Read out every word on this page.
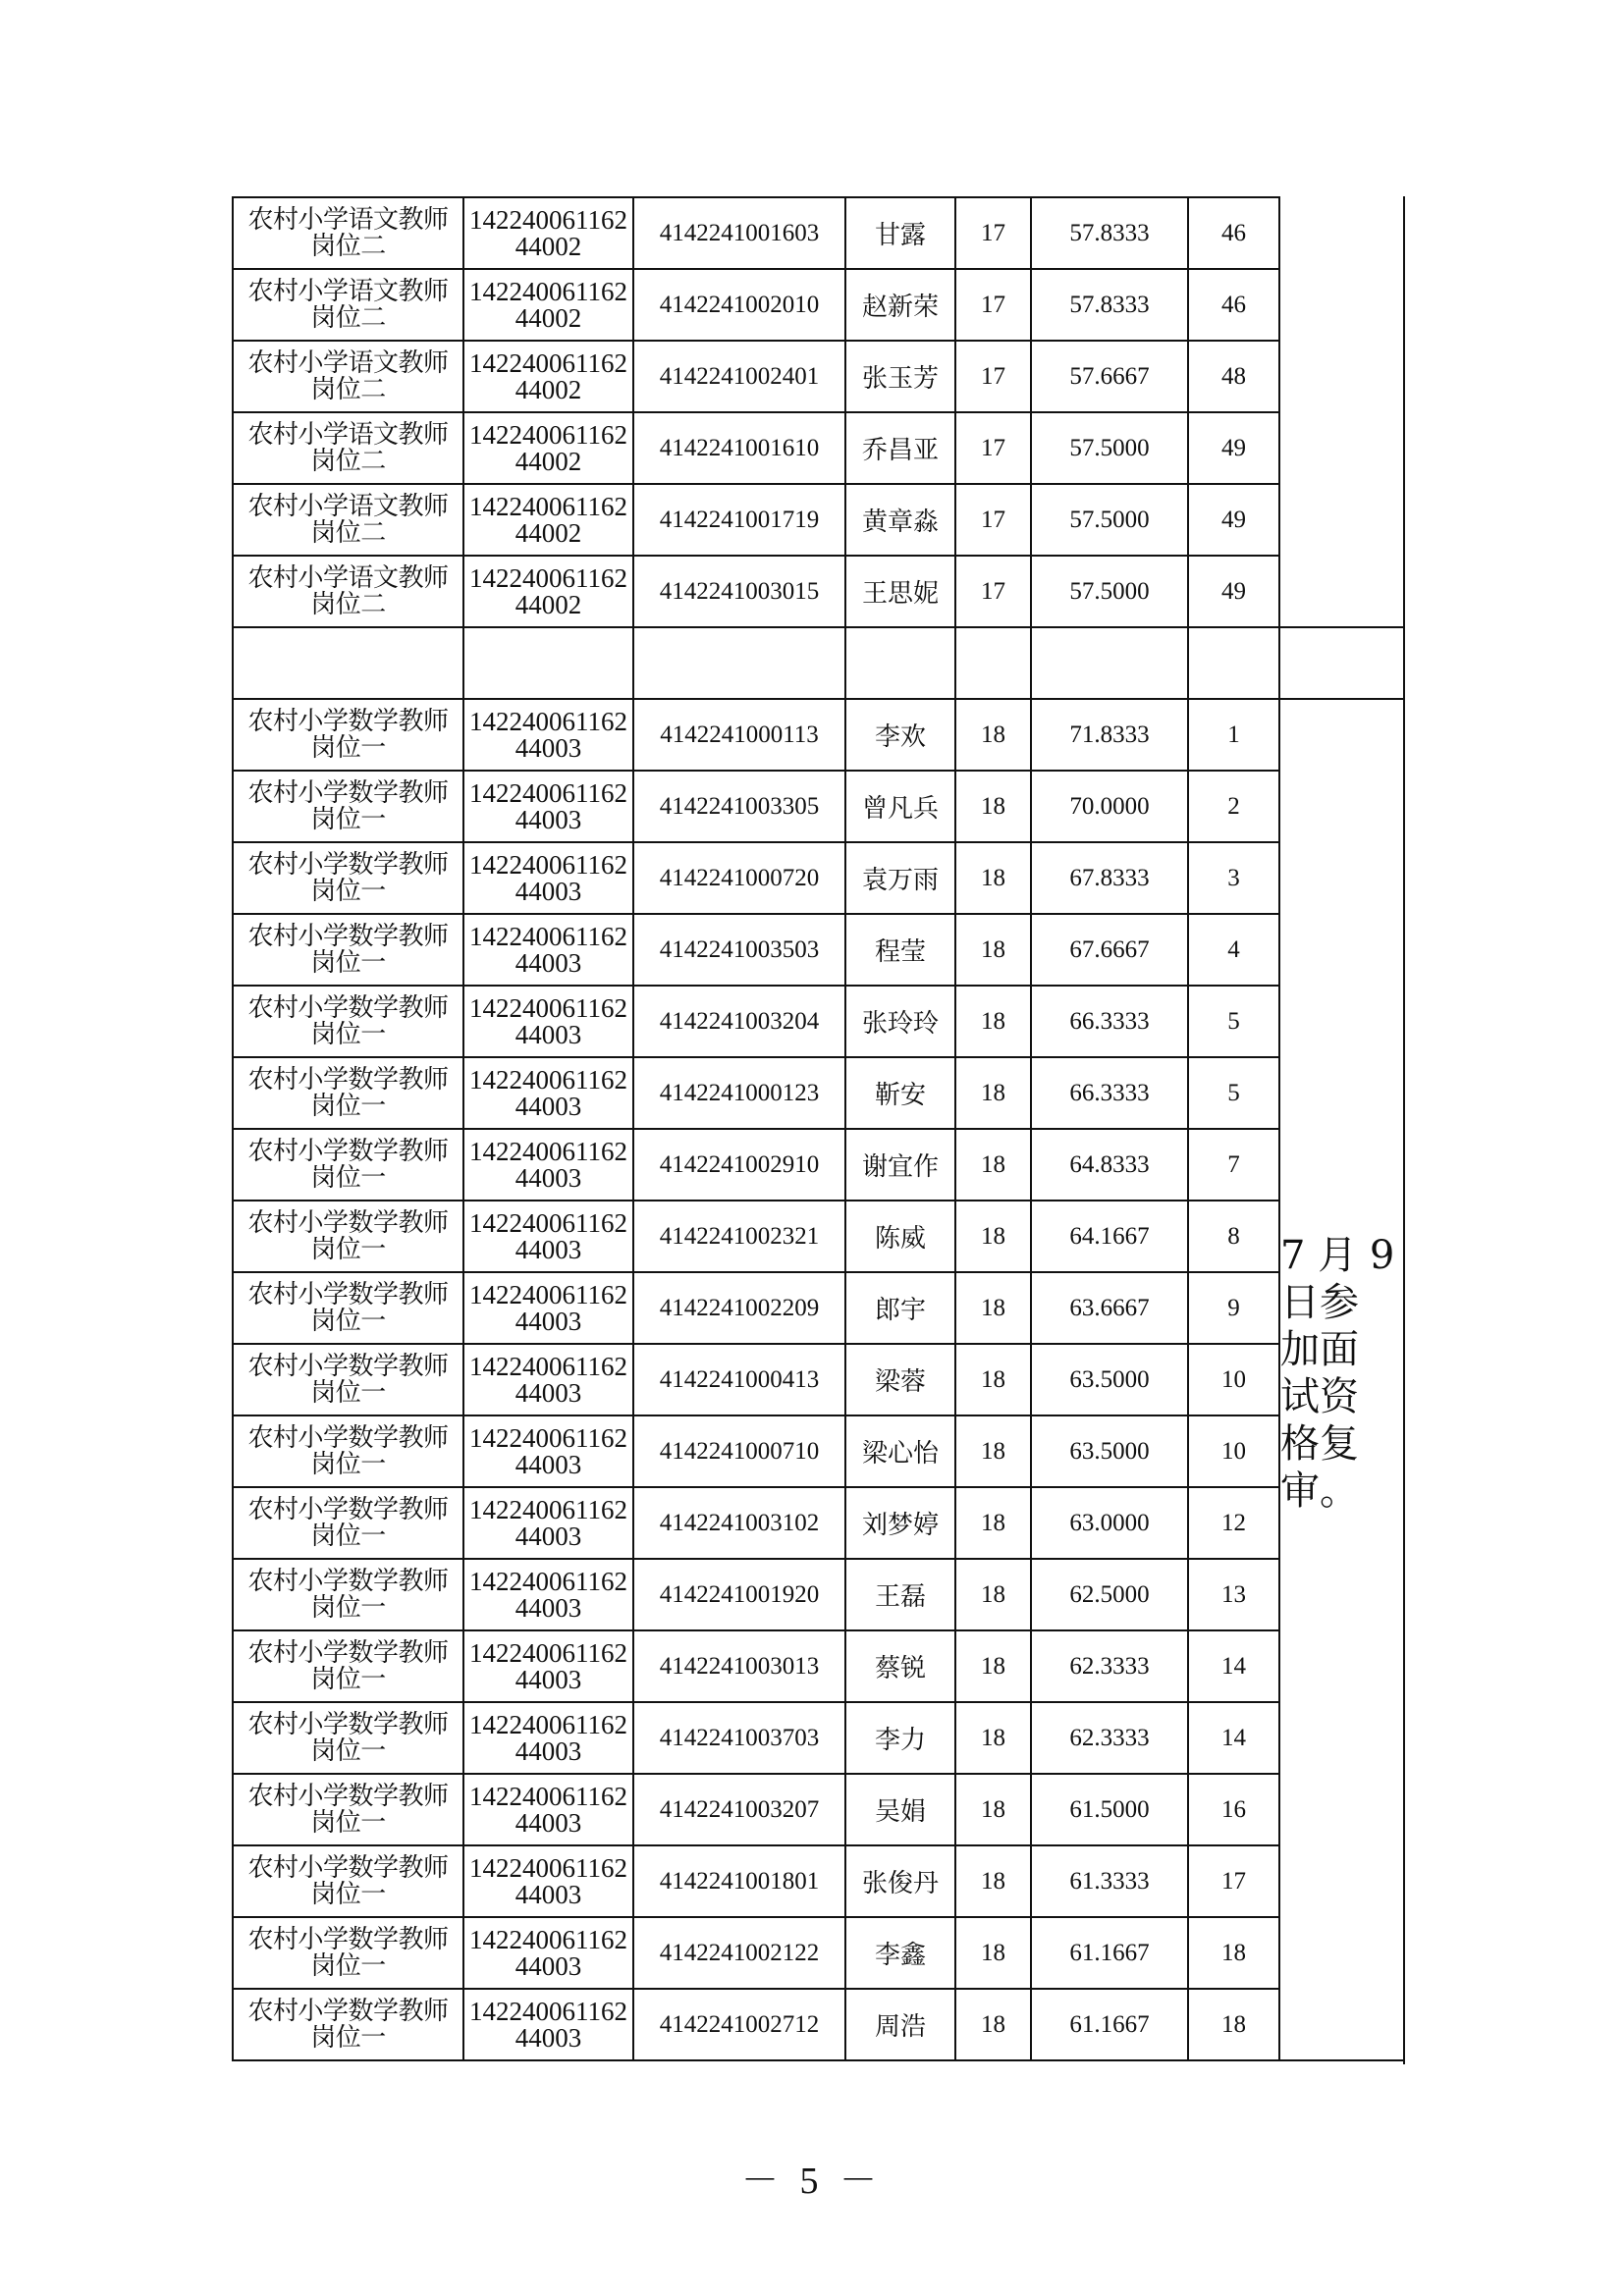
农村小学语文教师
岗位二	142240061162
44002	4142241001603	甘露	17	57.8333	46	

农村小学语文教师
岗位二	142240061162
44002	4142241002010	赵新荣	17	57.8333	46	

农村小学语文教师
岗位二	142240061162
44002	4142241002401	张玉芳	17	57.6667	48	

农村小学语文教师
岗位二	142240061162
44002	4142241001610	乔昌亚	17	57.5000	49	

农村小学语文教师
岗位二	142240061162
44002	4142241001719	黄章淼	17	57.5000	49	

农村小学语文教师
岗位二	142240061162
44002	4142241003015	王思妮	17	57.5000	49	

农村小学数学教师
岗位一	142240061162
44003	4142241000113	李欢	18	71.8333	1	

农村小学数学教师
岗位一	142240061162
44003	4142241003305	曾凡兵	18	70.0000	2	

农村小学数学教师
岗位一	142240061162
44003	4142241000720	袁万雨	18	67.8333	3	

农村小学数学教师
岗位一	142240061162
44003	4142241003503	程莹	18	67.6667	4	

农村小学数学教师
岗位一	142240061162
44003	4142241003204	张玲玲	18	66.3333	5	

农村小学数学教师
岗位一	142240061162
44003	4142241000123	靳安	18	66.3333	5	

农村小学数学教师
岗位一	142240061162
44003	4142241002910	谢宜作	18	64.8333	7	

农村小学数学教师
岗位一	142240061162
44003	4142241002321	陈威	18	64.1667	8	

农村小学数学教师
岗位一	142240061162
44003	4142241002209	郎宇	18	63.6667	9	

农村小学数学教师
岗位一	142240061162
44003	4142241000413	梁蓉	18	63.5000	10	

农村小学数学教师
岗位一	142240061162
44003	4142241000710	梁心怡	18	63.5000	10	

农村小学数学教师
岗位一	142240061162
44003	4142241003102	刘梦婷	18	63.0000	12	

农村小学数学教师
岗位一	142240061162
44003	4142241001920	王磊	18	62.5000	13	

农村小学数学教师
岗位一	142240061162
44003	4142241003013	蔡锐	18	62.3333	14	

农村小学数学教师
岗位一	142240061162
44003	4142241003703	李力	18	62.3333	14	

农村小学数学教师
岗位一	142240061162
44003	4142241003207	吴娟	18	61.5000	16	

农村小学数学教师
岗位一	142240061162
44003	4142241001801	张俊丹	18	61.3333	17	

农村小学数学教师
岗位一	142240061162
44003	4142241002122	李鑫	18	61.1667	18	

农村小学数学教师
岗位一	142240061162
44003	4142241002712	周浩	18	61.1667	18	
7 月 9
日参
加面
试资
格复
审。
－ 5 －
